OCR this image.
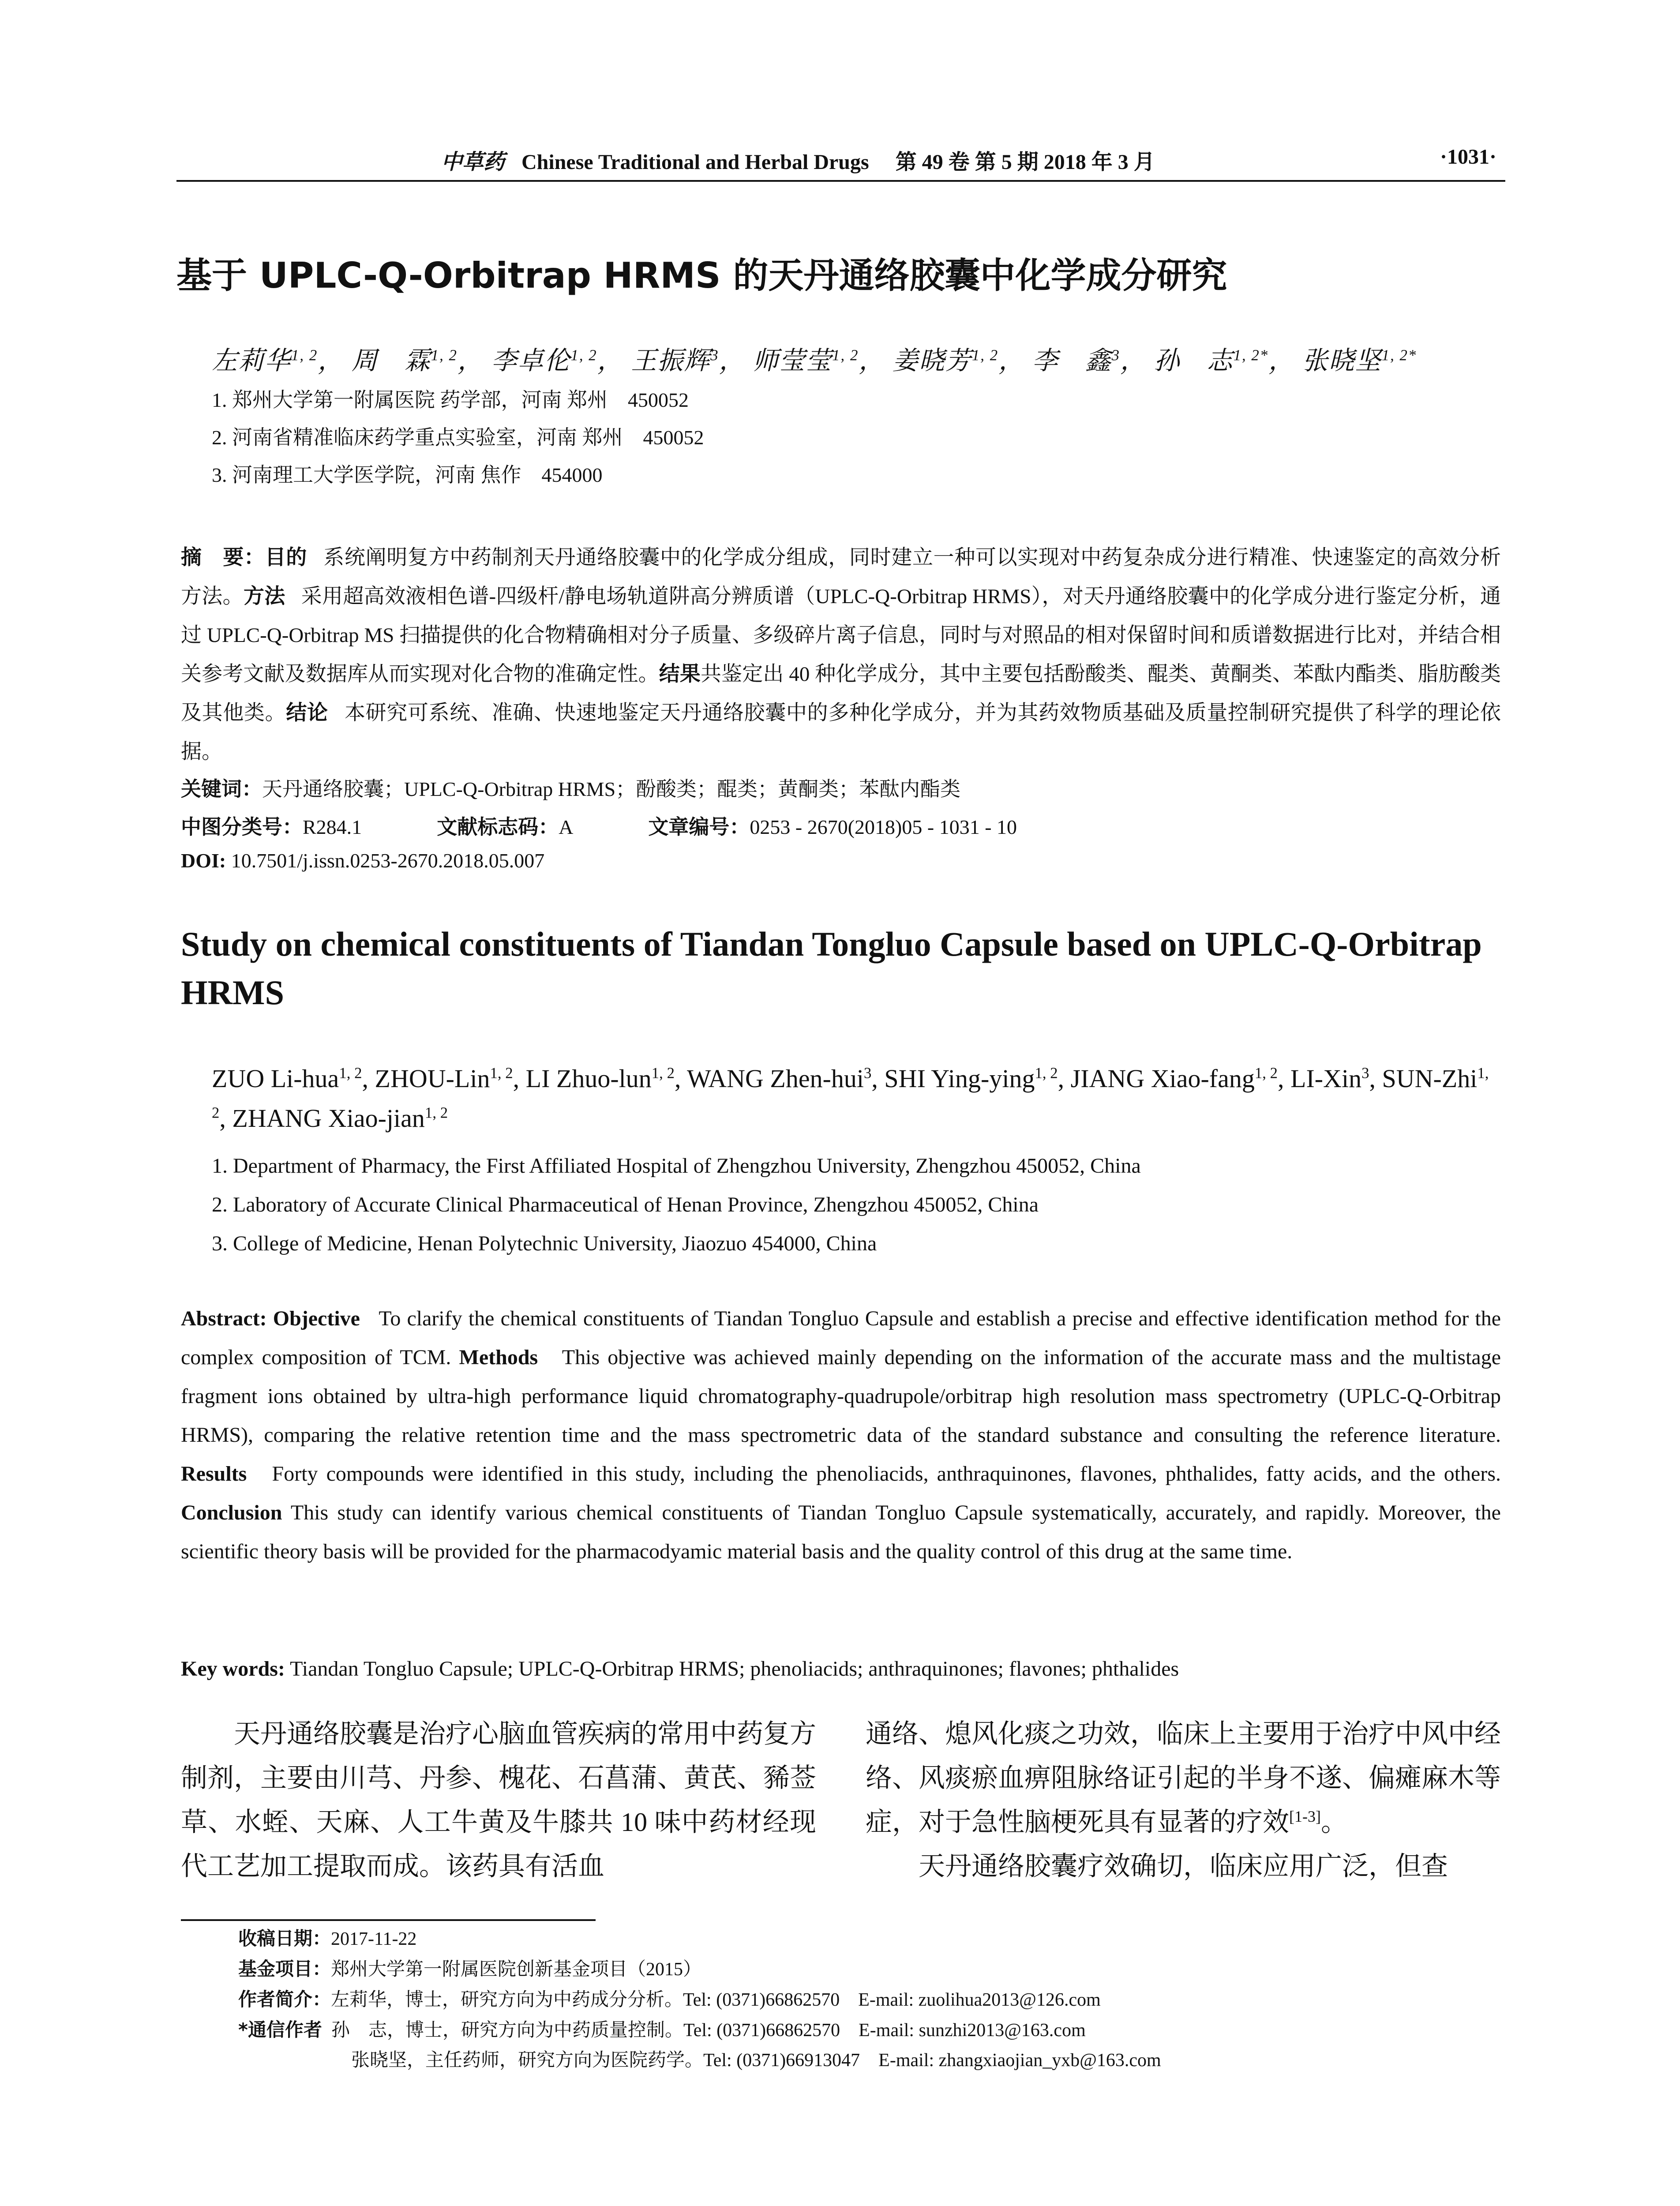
中草药 Chinese Traditional and Herbal Drugs 第 49 卷 第 5 期 2018 年 3 月	·1031·
基于 UPLC-Q-Orbitrap HRMS 的天丹通络胶囊中化学成分研究
左莉华$^{1, 2}$， 周　霖$^{1, 2}$， 李卓伦$^{1, 2}$， 王振辉$^3$， 师莹莹$^{1, 2}$， 姜晓芳$^{1, 2}$， 李　鑫$^3$， 孙　志$^{1, 2*}$， 张晓坚$^{1, 2*}$
1. 郑州大学第一附属医院 药学部，河南 郑州　450052
2. 河南省精准临床药学重点实验室，河南 郑州　450052
3. 河南理工大学医学院，河南 焦作　454000
摘　要：目的 系统阐明复方中药制剂天丹通络胶囊中的化学成分组成，同时建立一种可以实现对中药复杂成分进行精准、快速鉴定的高效分析方法。方法 采用超高效液相色谱-四级杆/静电场轨道阱高分辨质谱（UPLC-Q-Orbitrap HRMS），对天丹通络胶囊中的化学成分进行鉴定分析，通过 UPLC-Q-Orbitrap MS 扫描提供的化合物精确相对分子质量、多级碎片离子信息，同时与对照品的相对保留时间和质谱数据进行比对，并结合相关参考文献及数据库从而实现对化合物的准确定性。结果共鉴定出 40 种化学成分，其中主要包括酚酸类、醌类、黄酮类、苯酞内酯类、脂肪酸类及其他类。结论 本研究可系统、准确、快速地鉴定天丹通络胶囊中的多种化学成分，并为其药效物质基础及质量控制研究提供了科学的理论依据。
关键词：天丹通络胶囊；UPLC-Q-Orbitrap HRMS；酚酸类；醌类；黄酮类；苯酞内酯类
中图分类号：R284.1	文献标志码：A	文章编号：0253 - 2670(2018)05 - 1031 - 10
DOI: 10.7501/j.issn.0253-2670.2018.05.007
Study on chemical constituents of Tiandan Tongluo Capsule based on UPLC-Q-Orbitrap HRMS
ZUO Li-hua$^{1, 2}$, ZHOU-Lin$^{1, 2}$, LI Zhuo-lun$^{1, 2}$, WANG Zhen-hui$^3$, SHI Ying-ying$^{1, 2}$, JIANG Xiao-fang$^{1, 2}$, LI-Xin$^3$, SUN-Zhi$^{1, 2}$, ZHANG Xiao-jian$^{1, 2}$
1. Department of Pharmacy, the First Affiliated Hospital of Zhengzhou University, Zhengzhou 450052, China
2. Laboratory of Accurate Clinical Pharmaceutical of Henan Province, Zhengzhou 450052, China
3. College of Medicine, Henan Polytechnic University, Jiaozuo 454000, China
Abstract: Objective To clarify the chemical constituents of Tiandan Tongluo Capsule and establish a precise and effective identification method for the complex composition of TCM. Methods This objective was achieved mainly depending on the information of the accurate mass and the multistage fragment ions obtained by ultra-high performance liquid chromatography-quadrupole/orbitrap high resolution mass spectrometry (UPLC-Q-Orbitrap HRMS), comparing the relative retention time and the mass spectrometric data of the standard substance and consulting the reference literature. Results Forty compounds were identified in this study, including the phenoliacids, anthraquinones, flavones, phthalides, fatty acids, and the others. Conclusion This study can identify various chemical constituents of Tiandan Tongluo Capsule systematically, accurately, and rapidly. Moreover, the scientific theory basis will be provided for the pharmacodyamic material basis and the quality control of this drug at the same time.
Key words: Tiandan Tongluo Capsule; UPLC-Q-Orbitrap HRMS; phenoliacids; anthraquinones; flavones; phthalides

天丹通络胶囊是治疗心脑血管疾病的常用中药复方制剂，主要由川芎、丹参、槐花、石菖蒲、黄芪、豨莶草、水蛭、天麻、人工牛黄及牛膝共 10 味中药材经现代工艺加工提取而成。该药具有活血

通络、熄风化痰之功效，临床上主要用于治疗中风中经络、风痰瘀血痹阻脉络证引起的半身不遂、偏瘫麻木等症，对于急性脑梗死具有显著的疗效[1-3]。

天丹通络胶囊疗效确切，临床应用广泛，但查

收稿日期：2017-11-22
基金项目：郑州大学第一附属医院创新基金项目（2015）
作者简介：左莉华，博士，研究方向为中药成分分析。Tel: (0371)66862570　E-mail: zuolihua2013@126.com
*通信作者 孙　志，博士，研究方向为中药质量控制。Tel: (0371)66862570　E-mail: sunzhi2013@163.com
张晓坚，主任药师，研究方向为医院药学。Tel: (0371)66913047　E-mail: zhangxiaojian_yxb@163.com
